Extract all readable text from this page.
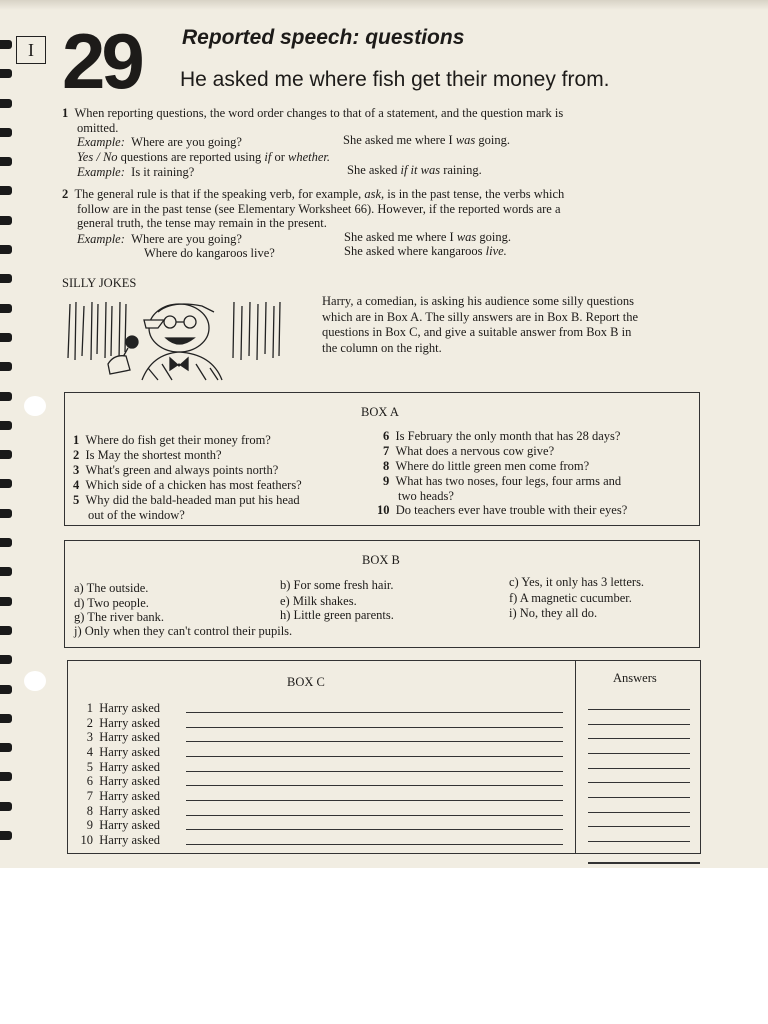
I 29 Reported speech: questions
He asked me where fish get their money from.
1 When reporting questions, the word order changes to that of a statement, and the question mark is
omitted.
Example: Where are you going?	She asked me where I was going.
Yes / No questions are reported using if or whether.
Example: Is it raining?	She asked if it was raining.
2 The general rule is that if the speaking verb, for example, ask, is in the past tense, the verbs which
follow are in the past tense (see Elementary Worksheet 66). However, if the reported words are a
general truth, the tense may remain in the present.
Example: Where are you going?	She asked me where I was going.
Where do kangaroos live?	She asked where kangaroos live.
SILLY JOKES
Harry, a comedian, is asking his audience some silly questions
which are in Box A. The silly answers are in Box B. Report the
questions in Box C, and give a suitable answer from Box B in
the column on the right.
BOX A
1 Where do fish get their money from?
2 Is May the shortest month?
3 What's green and always points north?
4 Which side of a chicken has most feathers?
5 Why did the bald-headed man put his head
out of the window?
6 Is February the only month that has 28 days?
7 What does a nervous cow give?
8 Where do little green men come from?
9 What has two noses, four legs, four arms and
two heads?
10 Do teachers ever have trouble with their eyes?
BOX B
a) The outside.	b) For some fresh hair.	c) Yes, it only has 3 letters.
d) Two people.	e) Milk shakes.	f) A magnetic cucumber.
g) The river bank.	h) Little green parents.	i) No, they all do.
j) Only when they can't control their pupils.
BOX C	Answers
1 Harry asked
2 Harry asked
3 Harry asked
4 Harry asked
5 Harry asked
6 Harry asked
7 Harry asked
8 Harry asked
9 Harry asked
10 Harry asked
